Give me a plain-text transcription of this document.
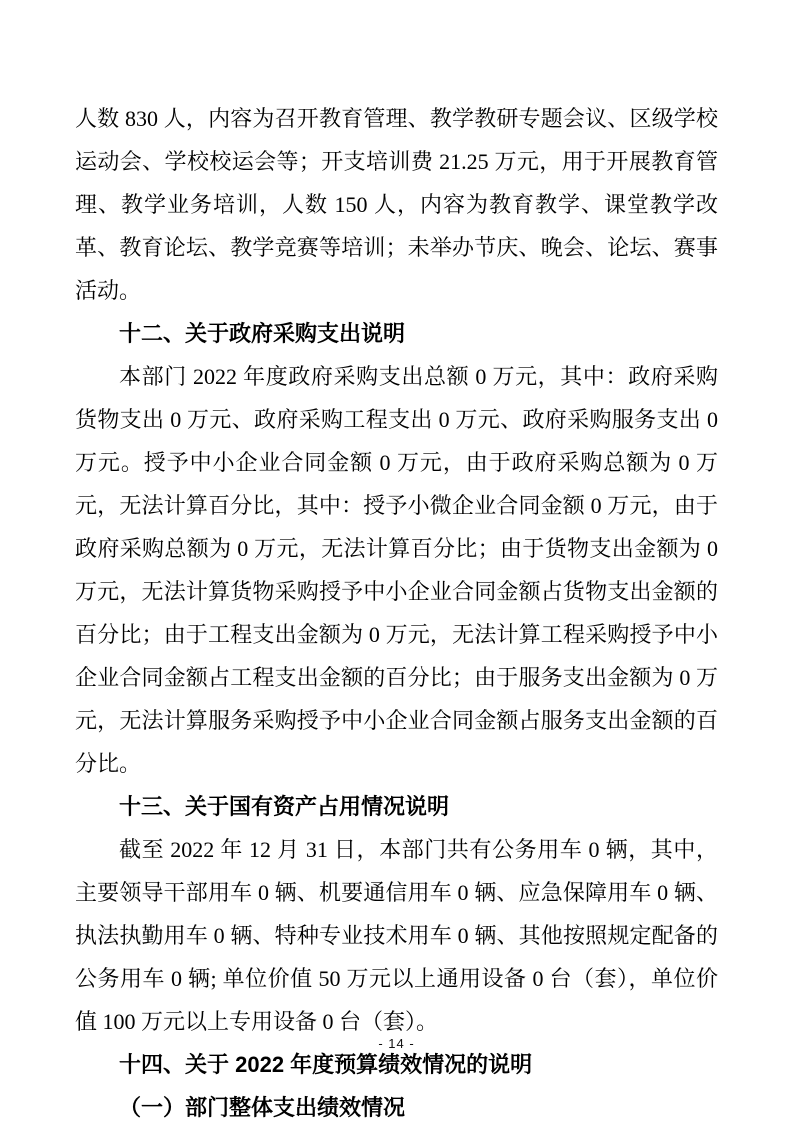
人数 830 人，内容为召开教育管理、教学教研专题会议、区级学校运动会、学校校运会等；开支培训费 21.25 万元，用于开展教育管理、教学业务培训，人数 150 人，内容为教育教学、课堂教学改革、教育论坛、教学竞赛等培训；未举办节庆、晚会、论坛、赛事活动。

十二、关于政府采购支出说明

本部门 2022 年度政府采购支出总额 0 万元，其中：政府采购货物支出 0 万元、政府采购工程支出 0 万元、政府采购服务支出 0 万元。授予中小企业合同金额 0 万元，由于政府采购总额为 0 万元，无法计算百分比，其中：授予小微企业合同金额 0 万元，由于政府采购总额为 0 万元，无法计算百分比；由于货物支出金额为 0 万元，无法计算货物采购授予中小企业合同金额占货物支出金额的百分比；由于工程支出金额为 0 万元，无法计算工程采购授予中小企业合同金额占工程支出金额的百分比；由于服务支出金额为 0 万元，无法计算服务采购授予中小企业合同金额占服务支出金额的百分比。

十三、关于国有资产占用情况说明

截至 2022 年 12 月 31 日，本部门共有公务用车 0 辆，其中，主要领导干部用车 0 辆、机要通信用车 0 辆、应急保障用车 0 辆、执法执勤用车 0 辆、特种专业技术用车 0 辆、其他按照规定配备的公务用车 0 辆; 单位价值 50 万元以上通用设备 0 台（套），单位价值 100 万元以上专用设备 0 台（套）。

十四、关于 2022 年度预算绩效情况的说明

（一）部门整体支出绩效情况

- 14 -
